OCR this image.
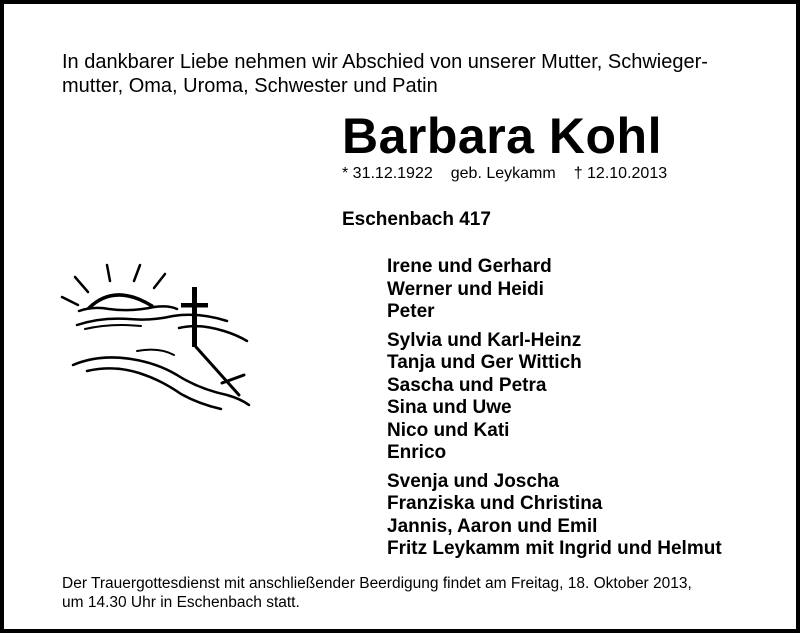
In dankbarer Liebe nehmen wir Abschied von unserer Mutter, Schwieger-
mutter, Oma, Uroma, Schwester und Patin
Barbara Kohl
* 31.12.1922 geb. Leykamm † 12.10.2013
Eschenbach 417
Irene und Gerhard
Werner und Heidi
Peter
Sylvia und Karl-Heinz
Tanja und Ger Wittich
Sascha und Petra
Sina und Uwe
Nico und Kati
Enrico
Svenja und Joscha
Franziska und Christina
Jannis, Aaron und Emil
Fritz Leykamm mit Ingrid und Helmut
Der Trauergottesdienst mit anschließender Beerdigung findet am Freitag, 18. Oktober 2013,
um 14.30 Uhr in Eschenbach statt.
